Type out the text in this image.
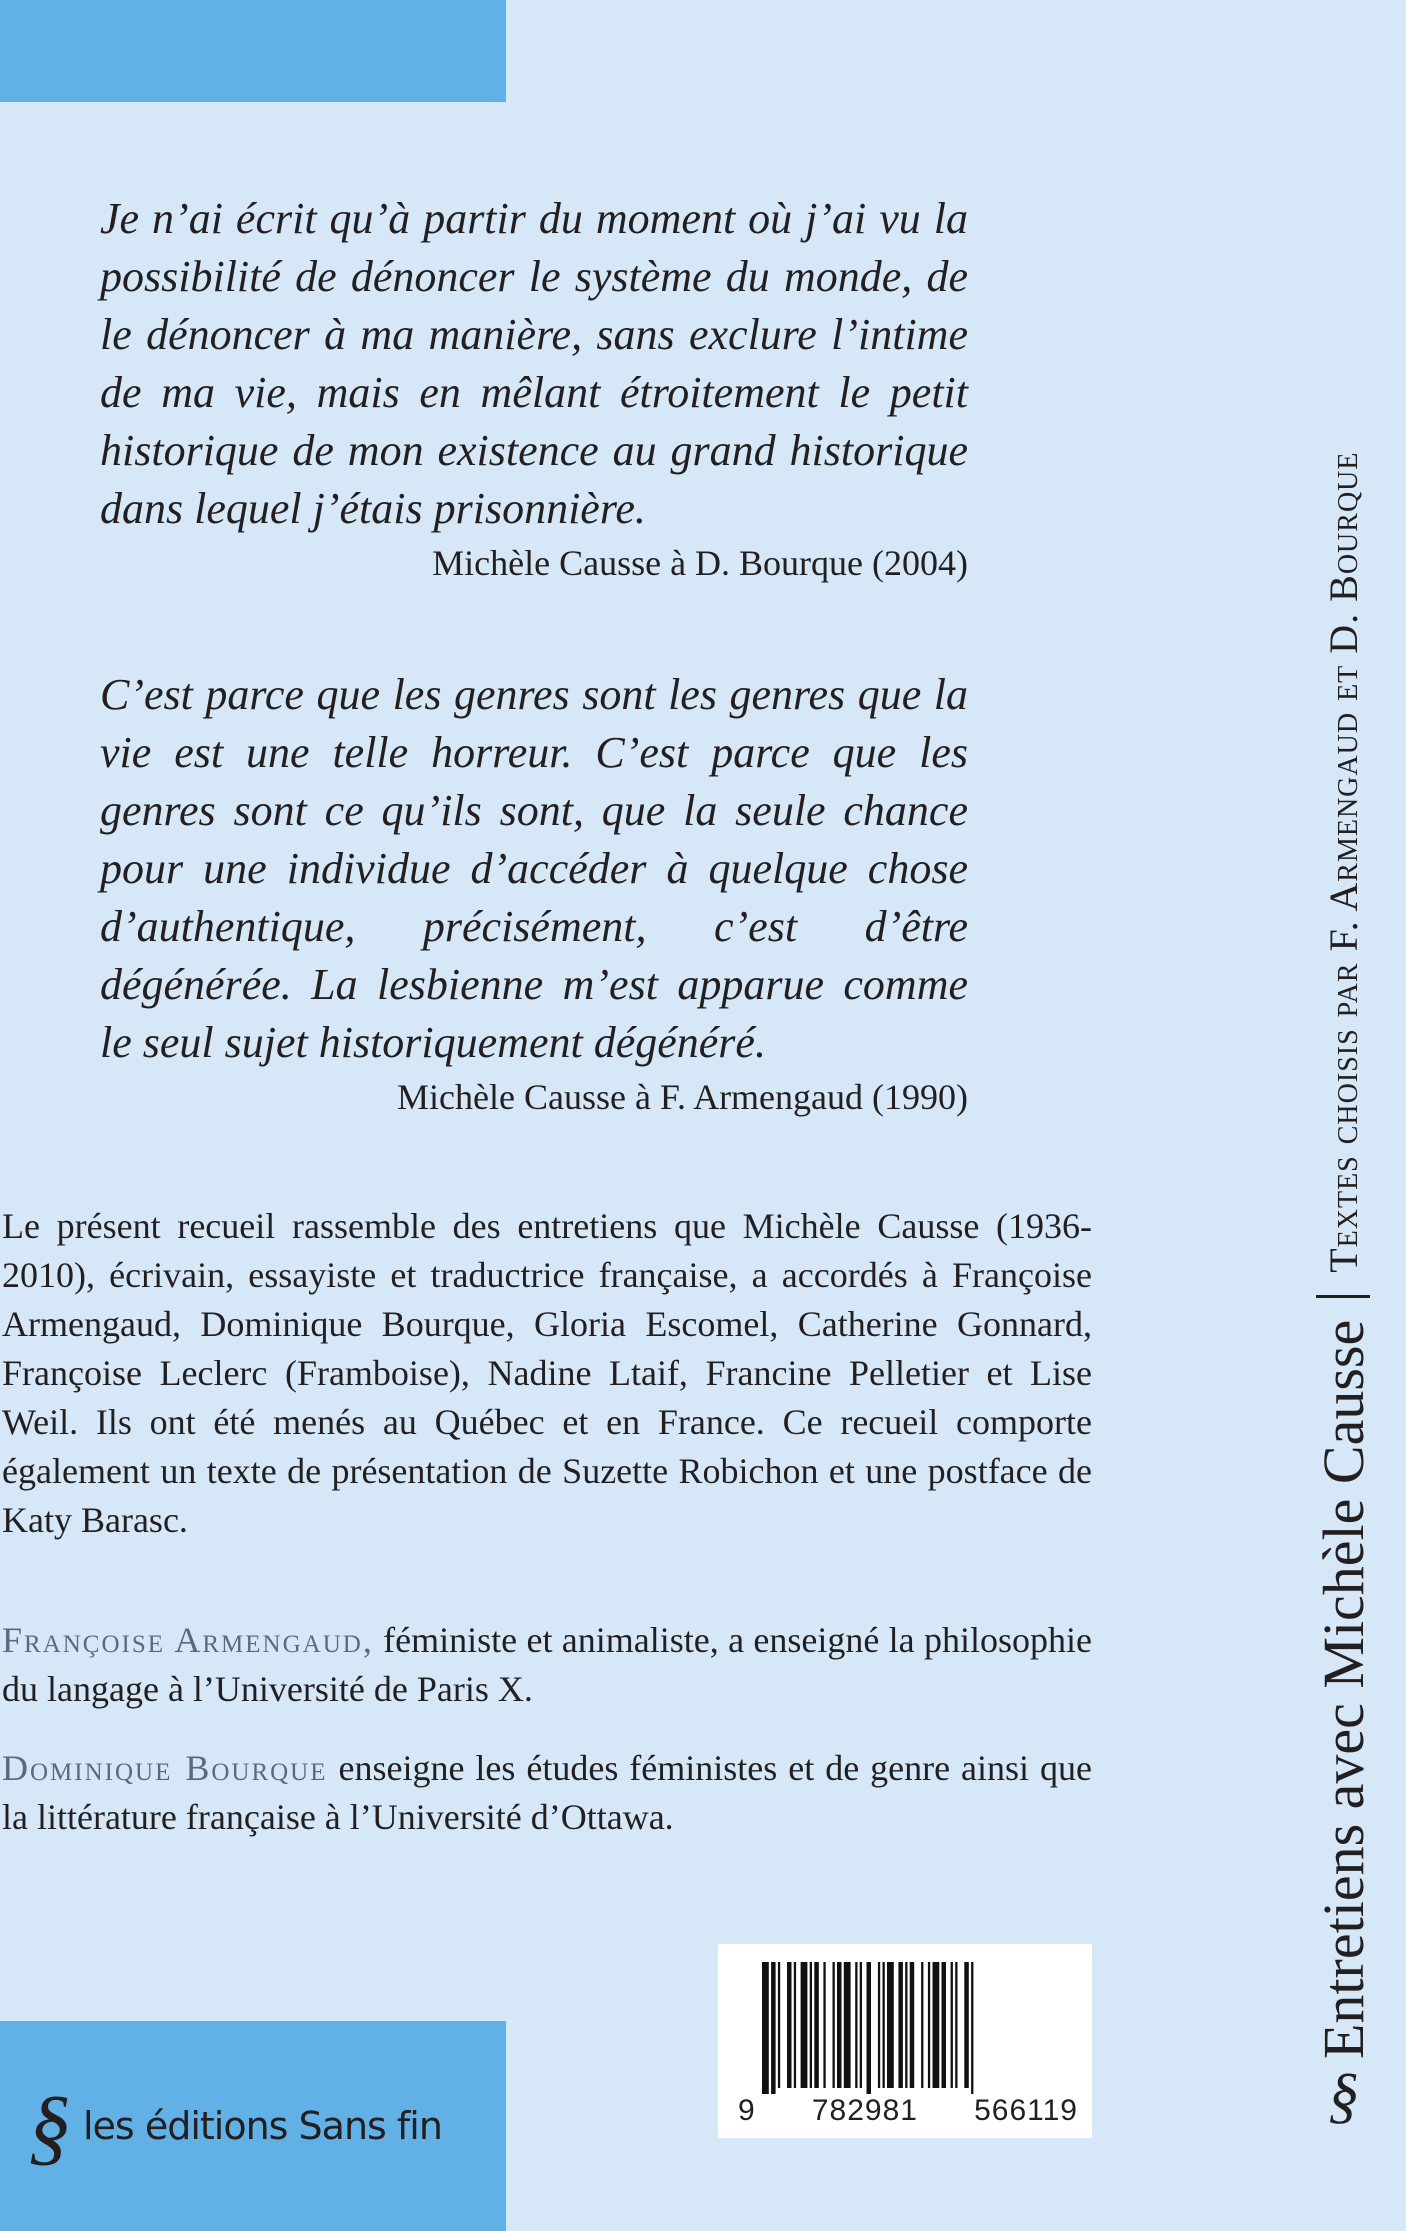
Je n’ai écrit qu’à partir du moment où j’ai vu la possibilité de dénoncer le système du monde, de le dénoncer à ma manière, sans exclure l’intime de ma vie, mais en mêlant étroitement le petit historique de mon existence au grand historique dans lequel j’étais prisonnière.

Michèle Causse à D. Bourque (2004)

C’est parce que les genres sont les genres que la vie est une telle horreur. C’est parce que les genres sont ce qu’ils sont, que la seule chance pour une individue d’accéder à quelque chose d’authentique, précisément, c’est d’être dégénérée. La lesbienne m’est apparue comme le seul sujet historiquement dégénéré.

Michèle Causse à F. Armengaud (1990)

Le présent recueil rassemble des entretiens que Michèle Causse (1936-2010), écrivain, essayiste et traductrice française, a accordés à Françoise Armengaud, Dominique Bourque, Gloria Escomel, Catherine Gonnard, Françoise Leclerc (Framboise), Nadine Ltaif, Francine Pelletier et Lise Weil. Ils ont été menés au Québec et en France. Ce recueil comporte également un texte de présentation de Suzette Robichon et une postface de Katy Barasc.

Françoise Armengaud, féministe et animaliste, a enseigné la philosophie du langage à l’Université de Paris X.

Dominique Bourque enseigne les études féministes et de genre ainsi que la littérature française à l’Université d’Ottawa.

9 782981 566119
§ les éditions Sans fin	§
Entretiens avec Michèle Causse
Textes choisis par F. Armengaud et D. Bourque
